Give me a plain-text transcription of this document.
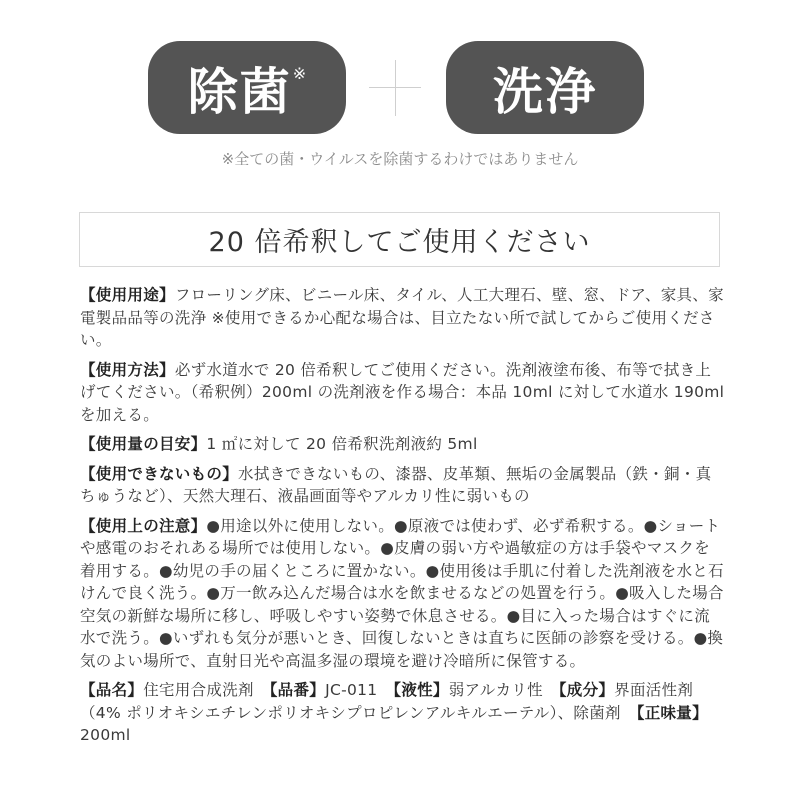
除菌※	洗浄
※全ての菌・ウイルスを除菌するわけではありません
20 倍希釈してご使用ください

【使用用途】フローリング床、ビニール床、タイル、人工大理石、壁、窓、ドア、家具、家電製品品等の洗浄 ※使用できるか心配な場合は、目立たない所で試してからご使用ください。

【使用方法】必ず水道水で 20 倍希釈してご使用ください。洗剤液塗布後、布等で拭き上げてください。（希釈例）200ml の洗剤液を作る場合：本品 10ml に対して水道水 190ml を加える。

【使用量の目安】1 ㎡に対して 20 倍希釈洗剤液約 5ml

【使用できないもの】水拭きできないもの、漆器、皮革類、無垢の金属製品（鉄・銅・真ちゅうなど）、天然大理石、液晶画面等やアルカリ性に弱いもの

【使用上の注意】●用途以外に使用しない。●原液では使わず、必ず希釈する。●ショートや感電のおそれある場所では使用しない。●皮膚の弱い方や過敏症の方は手袋やマスクを着用する。●幼児の手の届くところに置かない。●使用後は手肌に付着した洗剤液を水と石けんで良く洗う。●万一飲み込んだ場合は水を飲ませるなどの処置を行う。●吸入した場合空気の新鮮な場所に移し、呼吸しやすい姿勢で休息させる。●目に入った場合はすぐに流水で洗う。●いずれも気分が悪いとき、回復しないときは直ちに医師の診察を受ける。●換気のよい場所で、直射日光や高温多湿の環境を避け冷暗所に保管する。

【品名】住宅用合成洗剤　 【品番】JC-011　 【液性】弱アルカリ性　 【成分】界面活性剤（4% ポリオキシエチレンポリオキシプロピレンアルキルエーテル）、除菌剤　 【正味量】200ml
